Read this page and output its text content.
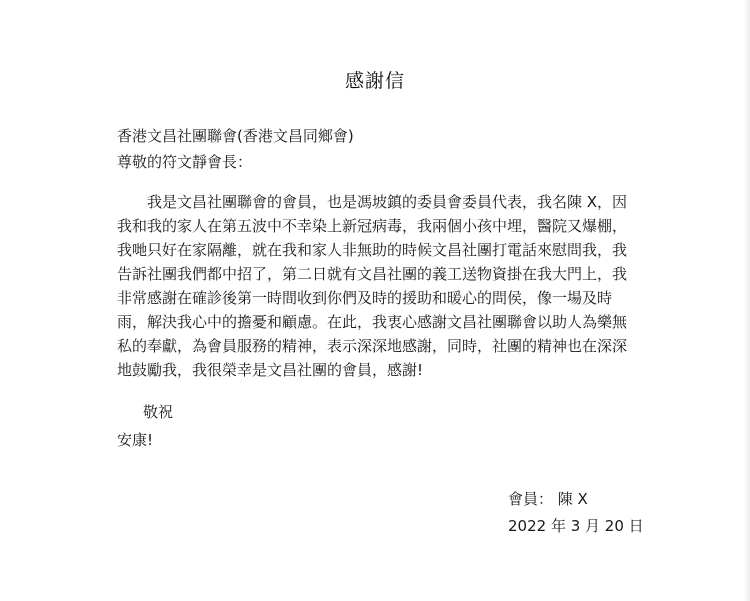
感謝信
香港文昌社團聯會(香港文昌同鄉會)
尊敬的符文靜會長：
我是文昌社團聯會的會員，也是馮坡鎮的委員會委員代表，我名陳 X，因
我和我的家人在第五波中不幸染上新冠病毒，我兩個小孩中埋，醫院又爆棚，
我哋只好在家隔離，就在我和家人非無助的時候文昌社團打電話來慰問我，我
告訴社團我們都中招了，第二日就有文昌社團的義工送物資掛在我大門上，我
非常感謝在確診後第一時間收到你們及時的援助和暖心的問侯，像一場及時
雨，解決我心中的擔憂和顧慮。在此，我衷心感謝文昌社團聯會以助人為樂無
私的奉獻，為會員服務的精神，表示深深地感謝，同時，社團的精神也在深深
地鼓勵我，我很榮幸是文昌社團的會員，感謝!
敬祝
安康!
會員： 陳 X
2022 年 3 月 20 日
